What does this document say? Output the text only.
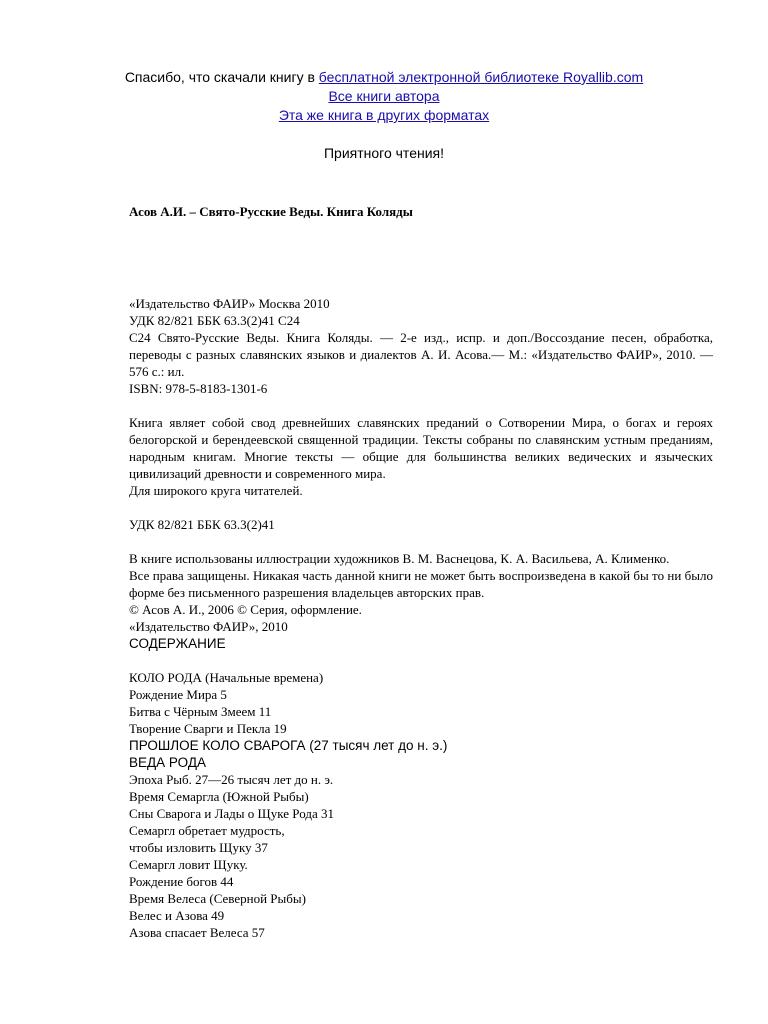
Спасибо, что скачали книгу в бесплатной электронной библиотеке Royallib.com
Все книги автора
Эта же книга в других форматах
Приятного чтения!

Асов А.И. – Свято-Русские Веды. Книга Коляды

«Издательство ФАИР» Москва 2010

УДК 82/821 ББК 63.3(2)41 С24

С24 Свято-Русские Веды. Книга Коляды. — 2-е изд., испр. и доп./Воссоздание песен, обработка, переводы с разных славянских языков и диалектов А. И. Асова.— М.: «Издательство ФАИР», 2010. — 576 с.: ил.

ISBN: 978-5-8183-1301-6

Книга являет собой свод древнейших славянских преданий о Сотворении Мира, о богах и героях белогорской и берендеевской священной традиции. Тексты собраны по славянским устным преданиям, народным книгам. Многие тексты — общие для большинства великих ведических и языческих цивилизаций древности и современного мира.

Для широкого круга читателей.

УДК 82/821 ББК 63.3(2)41

В книге использованы иллюстрации художников В. М. Васнецова, К. А. Васильева, А. Клименко.

Все права защищены. Никакая часть данной книги не может быть воспроизведена в какой бы то ни было форме без письменного разрешения владельцев авторских прав.

© Асов А. И., 2006 © Серия, оформление.

«Издательство ФАИР», 2010

СОДЕРЖАНИЕ

КОЛО РОДА (Начальные времена)

Рождение Мира 5

Битва с Чёрным Змеем 11

Творение Сварги и Пекла 19

ПРОШЛОЕ КОЛО СВАРОГА (27 тысяч лет до н. э.)

ВЕДА РОДА

Эпоха Рыб. 27—26 тысяч лет до н. э.

Время Семаргла (Южной Рыбы)

Сны Сварога и Лады о Щуке Рода 31

Семаргл обретает мудрость,

чтобы изловить Щуку 37

Семаргл ловит Щуку.

Рождение богов 44

Время Велеса (Северной Рыбы)

Велес и Азова 49

Азова спасает Велеса 57
